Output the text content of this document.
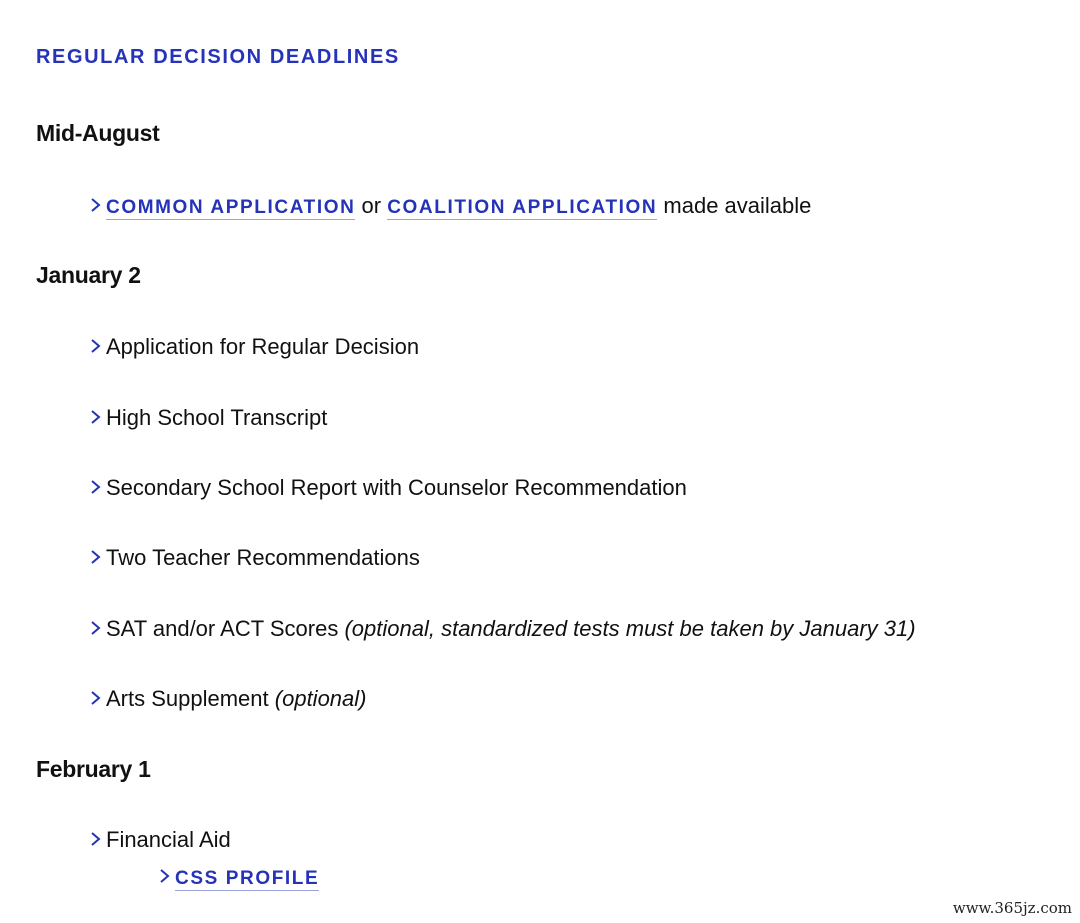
REGULAR DECISION DEADLINES
Mid-August
COMMON APPLICATION or COALITION APPLICATION made available
January 2
Application for Regular Decision
High School Transcript
Secondary School Report with Counselor Recommendation
Two Teacher Recommendations
SAT and/or ACT Scores (optional, standardized tests must be taken by January 31)
Arts Supplement (optional)
February 1
Financial Aid
CSS PROFILE
www.365jz.com
